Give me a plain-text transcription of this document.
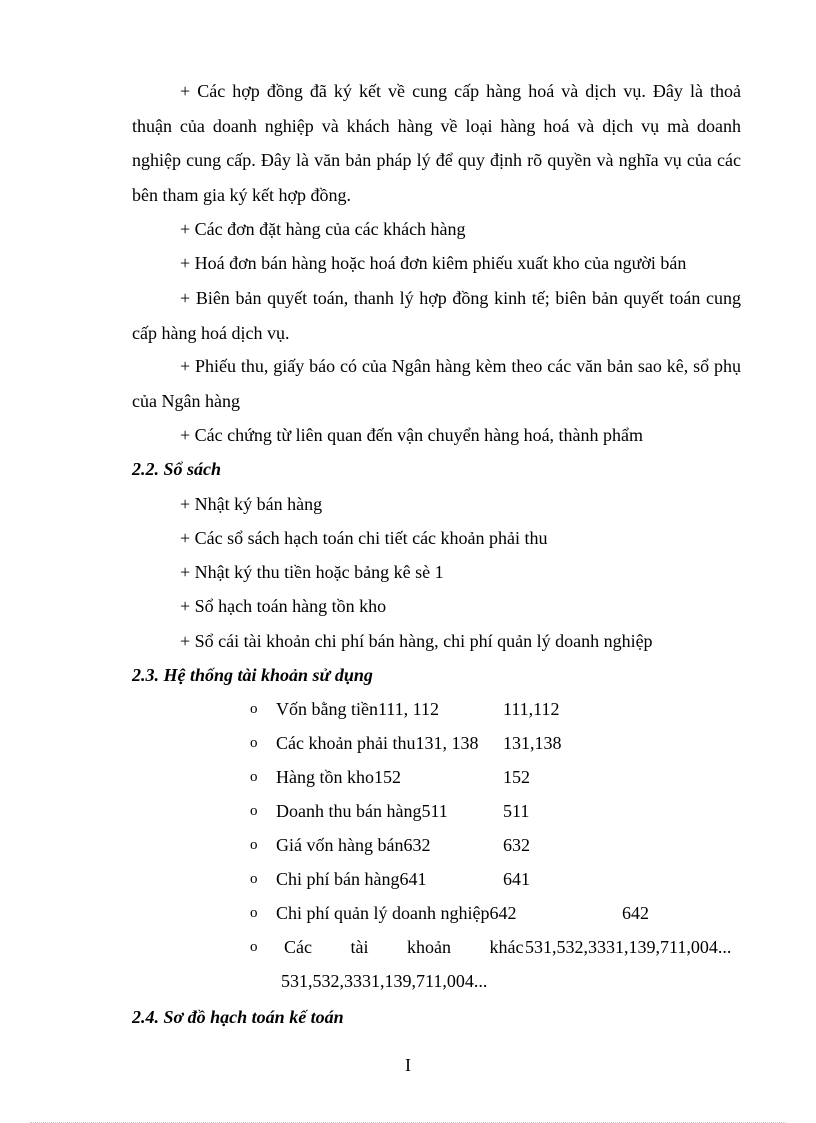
+ Các hợp đồng đã ký kết về cung cấp hàng hoá và dịch vụ. Đây là thoả thuận của doanh nghiệp và khách hàng về loại hàng hoá và dịch vụ mà doanh nghiệp cung cấp. Đây là văn bản pháp lý để quy định rõ quyền và nghĩa vụ của các bên tham gia ký kết hợp đồng.

+ Các đơn đặt hàng của các khách hàng

+ Hoá đơn bán hàng hoặc hoá đơn kiêm phiếu xuất kho của người bán

+ Biên bản quyết toán, thanh lý hợp đồng kinh tế; biên bản quyết toán cung cấp hàng hoá dịch vụ.

+ Phiếu thu, giấy báo có của Ngân hàng kèm theo các văn bản sao kê, sổ phụ của Ngân hàng

+ Các chứng từ liên quan đến vận chuyển hàng hoá, thành phẩm

2.2. Sổ sách

+ Nhật ký bán hàng

+ Các sổ sách hạch toán chi tiết các khoản phải thu

+ Nhật ký thu tiền hoặc bảng kê sè 1

+ Sổ hạch toán hàng tồn kho

+ Sổ cái tài khoản chi phí bán hàng, chi phí quản lý doanh nghiệp

2.3. Hệ thống tài khoản sử dụng
o Vốn bằng tiền111, 112	111,112
o Các khoản phải thu131, 138 131,138
o Hàng tồn kho152	152
o Doanh thu bán hàng511	511
o Giá vốn hàng bán632	632
o Chi phí bán hàng641	641
o Chi phí quản lý doanh nghiệp642	642
o Các tài khoản khác 531,532,3331,139,711,004...
531,532,3331,139,711,004...
2.4. Sơ đồ hạch toán kế toán
I
